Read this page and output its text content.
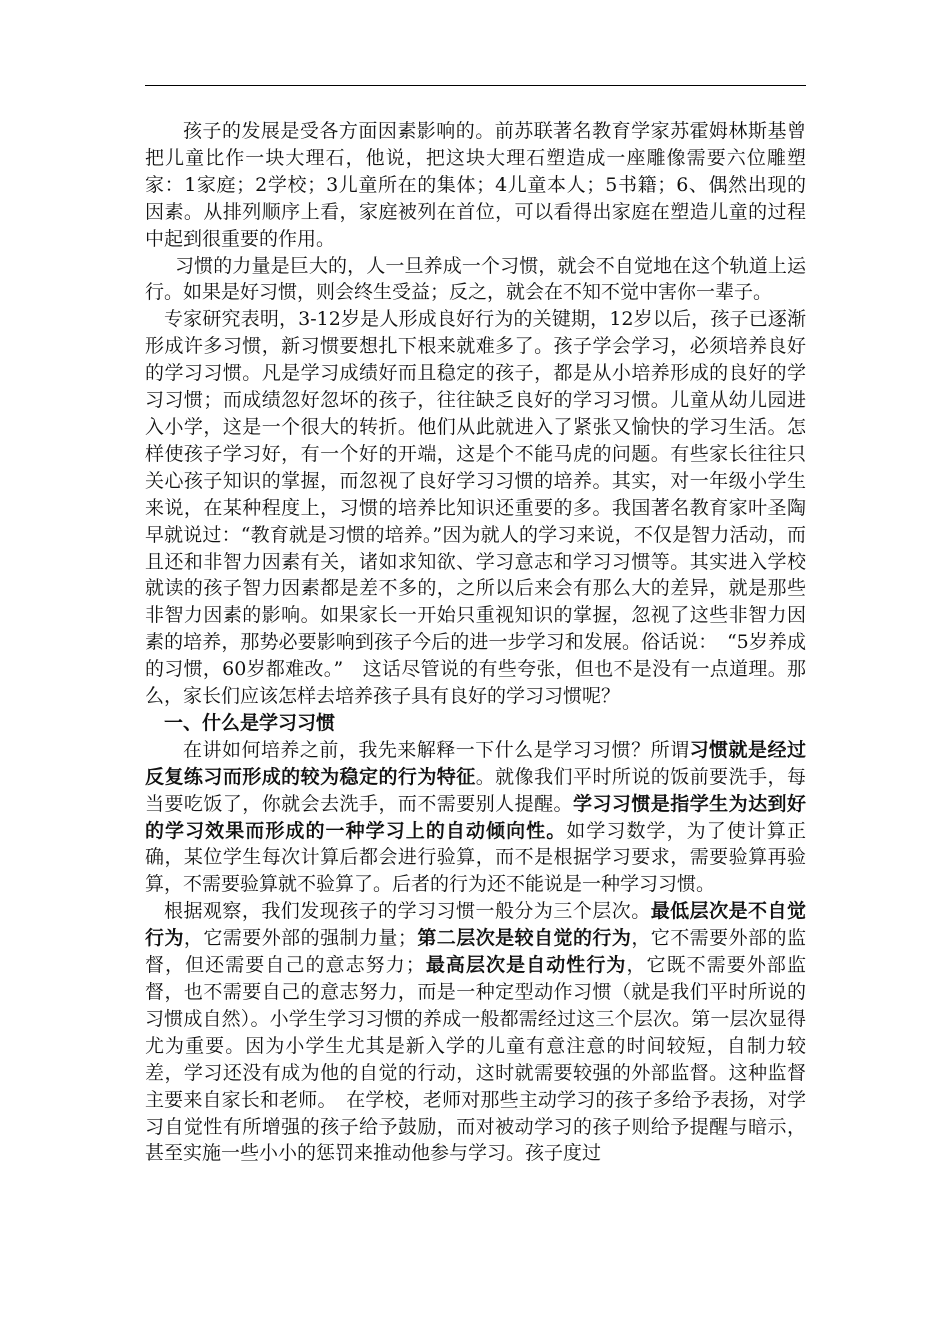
孩子的发展是受各方面因素影响的。前苏联著名教育学家苏霍姆林斯基曾把儿童比作一块大理石，他说，把这块大理石塑造成一座雕像需要六位雕塑家：1家庭；2学校；3儿童所在的集体；4儿童本人；5书籍；6、偶然出现的因素。从排列顺序上看，家庭被列在首位，可以看得出家庭在塑造儿童的过程中起到很重要的作用。

习惯的力量是巨大的，人一旦养成一个习惯，就会不自觉地在这个轨道上运行。如果是好习惯，则会终生受益；反之，就会在不知不觉中害你一辈子。

专家研究表明，3-12岁是人形成良好行为的关键期，12岁以后，孩子已逐渐形成许多习惯，新习惯要想扎下根来就难多了。孩子学会学习，必须培养良好的学习习惯。凡是学习成绩好而且稳定的孩子，都是从小培养形成的良好的学习习惯；而成绩忽好忽坏的孩子，往往缺乏良好的学习习惯。儿童从幼儿园进入小学，这是一个很大的转折。他们从此就进入了紧张又愉快的学习生活。怎样使孩子学习好，有一个好的开端，这是个不能马虎的问题。有些家长往往只关心孩子知识的掌握，而忽视了良好学习习惯的培养。其实，对一年级小学生来说，在某种程度上，习惯的培养比知识还重要的多。我国著名教育家叶圣陶早就说过：“教育就是习惯的培养。”因为就人的学习来说，不仅是智力活动，而且还和非智力因素有关，诸如求知欲、学习意志和学习习惯等。其实进入学校就读的孩子智力因素都是差不多的，之所以后来会有那么大的差异，就是那些非智力因素的影响。如果家长一开始只重视知识的掌握，忽视了这些非智力因素的培养，那势必要影响到孩子今后的进一步学习和发展。俗话说：　“5岁养成的习惯，60岁都难改。”　这话尽管说的有些夸张，但也不是没有一点道理。那么，家长们应该怎样去培养孩子具有良好的学习习惯呢？

一、什么是学习习惯

在讲如何培养之前，我先来解释一下什么是学习习惯？所谓习惯就是经过反复练习而形成的较为稳定的行为特征。就像我们平时所说的饭前要洗手，每当要吃饭了，你就会去洗手，而不需要别人提醒。学习习惯是指学生为达到好的学习效果而形成的一种学习上的自动倾向性。如学习数学，为了使计算正确，某位学生每次计算后都会进行验算，而不是根据学习要求，需要验算再验算，不需要验算就不验算了。后者的行为还不能说是一种学习习惯。

根据观察，我们发现孩子的学习习惯一般分为三个层次。最低层次是不自觉行为，它需要外部的强制力量；第二层次是较自觉的行为，它不需要外部的监督，但还需要自己的意志努力；最高层次是自动性行为，它既不需要外部监督，也不需要自己的意志努力，而是一种定型动作习惯（就是我们平时所说的习惯成自然）。小学生学习习惯的养成一般都需经过这三个层次。第一层次显得尤为重要。因为小学生尤其是新入学的儿童有意注意的时间较短，自制力较差，学习还没有成为他的自觉的行动，这时就需要较强的外部监督。这种监督主要来自家长和老师。　在学校，老师对那些主动学习的孩子多给予表扬，对学习自觉性有所增强的孩子给予鼓励，而对被动学习的孩子则给予提醒与暗示，甚至实施一些小小的惩罚来推动他参与学习。孩子度过
